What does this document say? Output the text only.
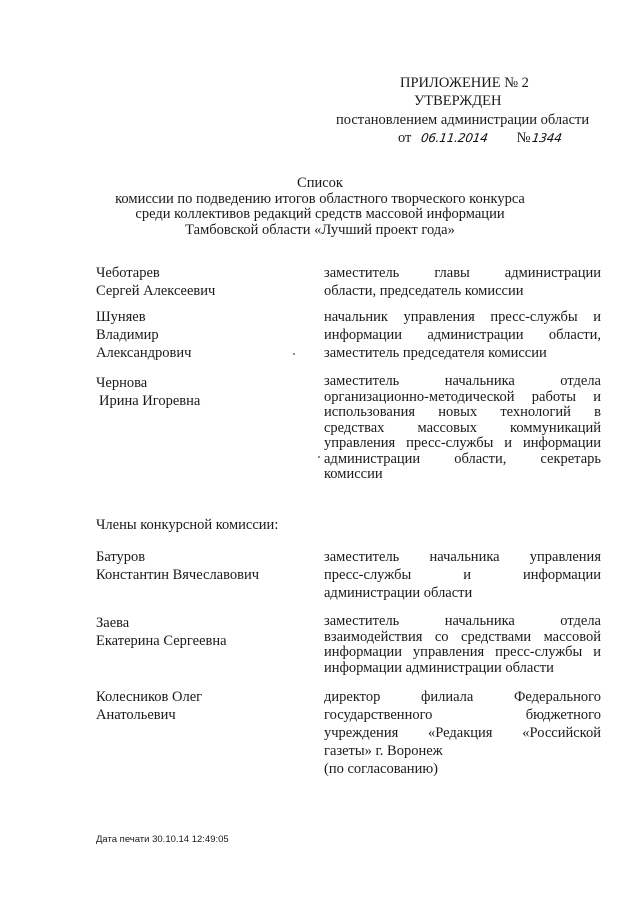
ПРИЛОЖЕНИЕ № 2
УТВЕРЖДЕН
постановлением администрации области
от 06.11.2014 №1344
Список
комиссии по подведению итогов областного творческого конкурса
среди коллективов редакций средств массовой информации
Тамбовской области «Лучший проект года»
Чеботарев
Сергей Алексеевич
заместитель главы администрации
области, председатель комиссии
Шуняев
Владимир
Александрович
начальник управления пресс-службы и
информации администрации области,
заместитель председателя комиссии
Чернова
Ирина Игоревна
заместитель начальника отдела
организационно-методической работы и
использования новых технологий в
средствах массовых коммуникаций
управления пресс-службы и информации
администрации области, секретарь
комиссии
Члены конкурсной комиссии:
Батуров
Константин Вячеславович
заместитель начальника управления
пресс-службы и информации
администрации области
Заева
Екатерина Сергеевна
заместитель начальника отдела
взаимодействия со средствами массовой
информации управления пресс-службы и
информации администрации области
Колесников Олег
Анатольевич
директор филиала Федерального
государственного бюджетного
учреждения «Редакция «Российской
газеты» г. Воронеж
(по согласованию)
Дата печати 30.10.14 12:49:05
